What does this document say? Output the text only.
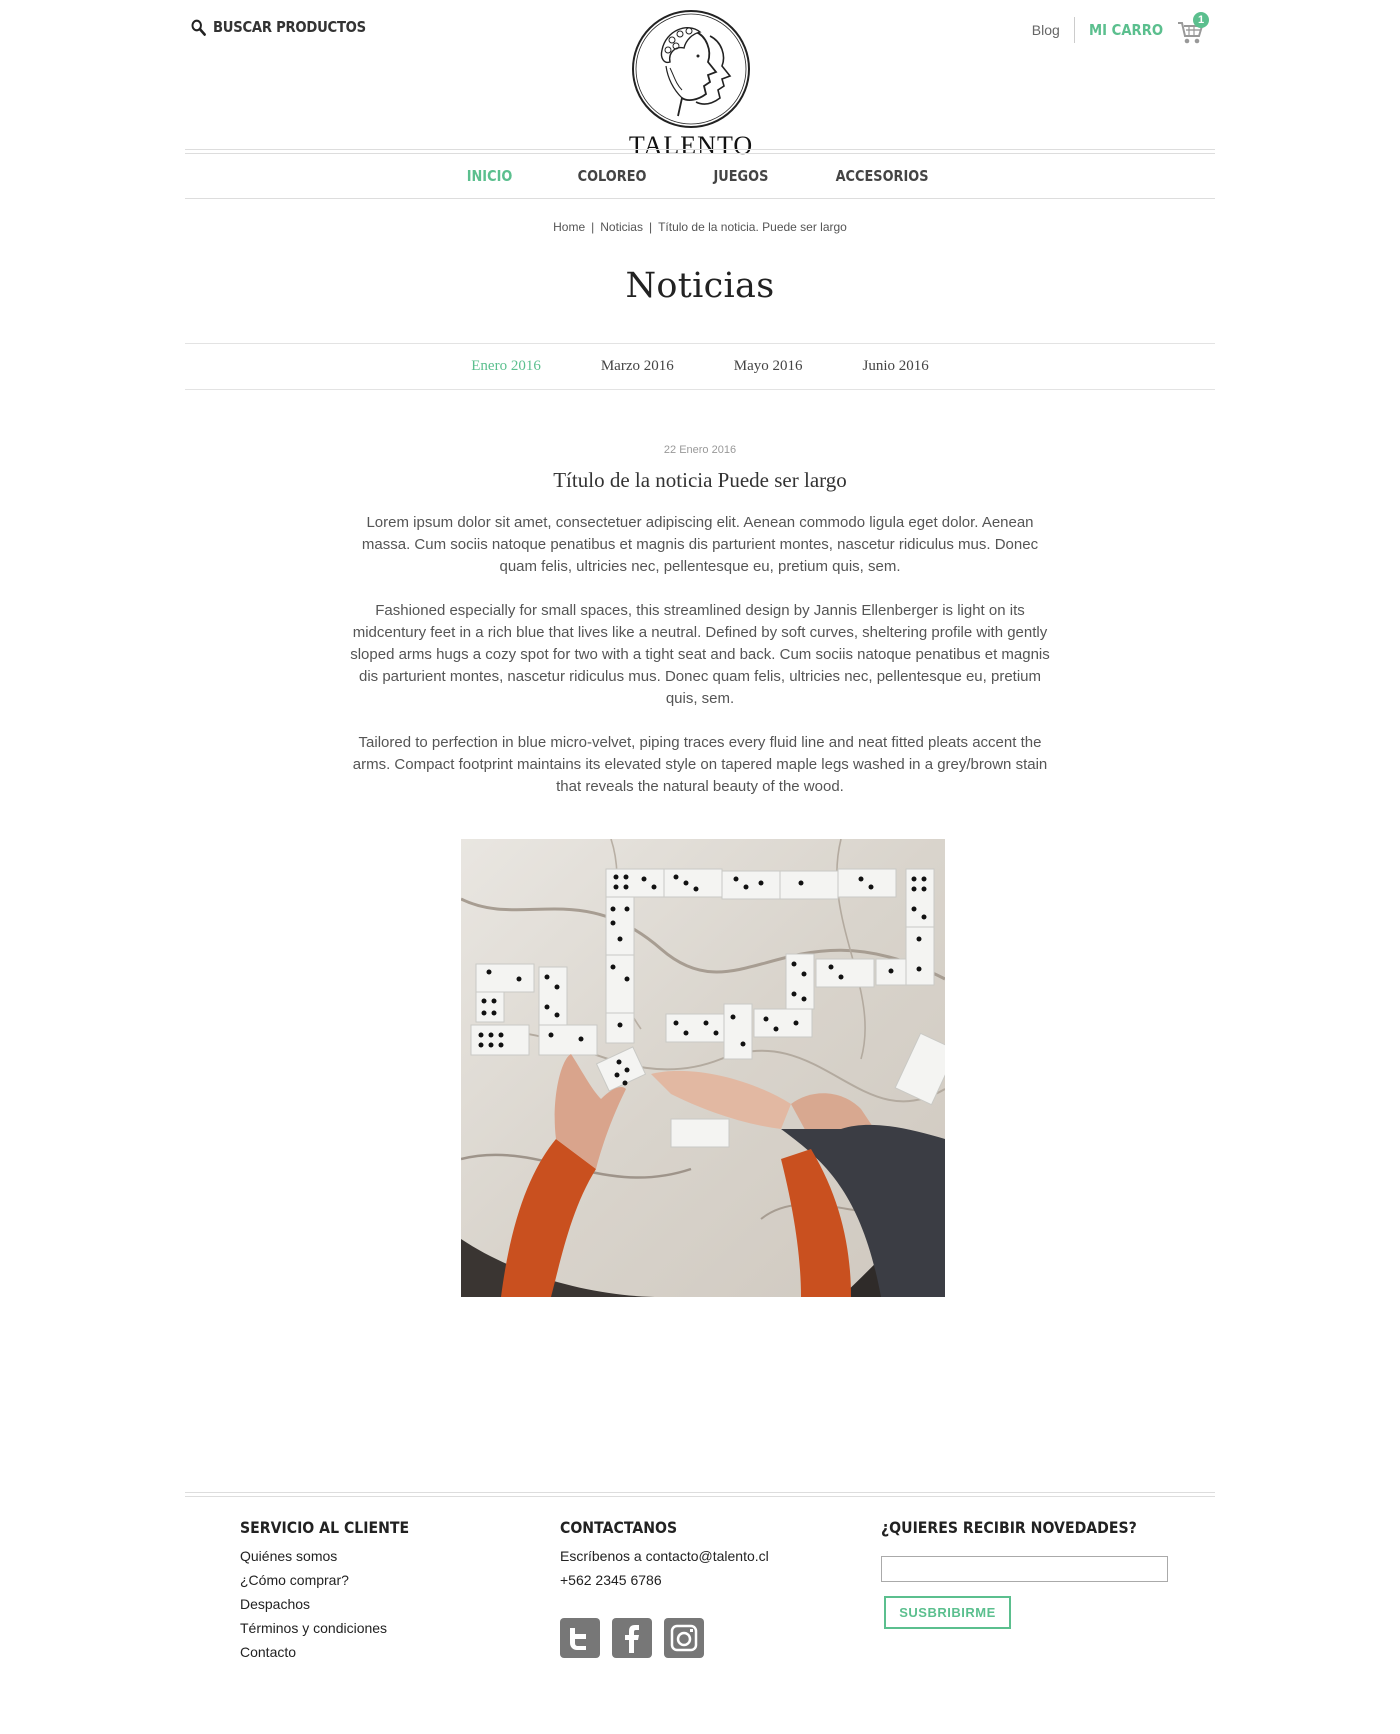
BUSCAR PRODUCTOS
TALENTO
Blog	MI CARRO
1
INICIO	COLOREO	JUEGOS	ACCESORIOS
Home | Noticias | Título de la noticia. Puede ser largo
Noticias
Enero 2016	Marzo 2016	Mayo 2016	Junio 2016
22 Enero 2016
Título de la noticia Puede ser largo

Lorem ipsum dolor sit amet, consectetuer adipiscing elit. Aenean commodo ligula eget dolor. Aenean massa. Cum sociis natoque penatibus et magnis dis parturient montes, nascetur ridiculus mus. Donec quam felis, ultricies nec, pellentesque eu, pretium quis, sem.

Fashioned especially for small spaces, this streamlined design by Jannis Ellenberger is light on its midcentury feet in a rich blue that lives like a neutral. Defined by soft curves, sheltering profile with gently sloped arms hugs a cozy spot for two with a tight seat and back. Cum sociis natoque penatibus et magnis dis parturient montes, nascetur ridiculus mus. Donec quam felis, ultricies nec, pellentesque eu, pretium quis, sem.

Tailored to perfection in blue micro-velvet, piping traces every fluid line and neat fitted pleats accent the arms. Compact footprint maintains its elevated style on tapered maple legs washed in a grey/brown stain that reveals the natural beauty of the wood.

SERVICIO AL CLIENTE
Quiénes somos
¿Cómo comprar?
Despachos
Términos y condiciones
Contacto
CONTACTANOS
Escríbenos a contacto@talento.cl
+562 2345 6786
¿QUIERES RECIBIR NOVEDADES?
SUSBRIBIRME
